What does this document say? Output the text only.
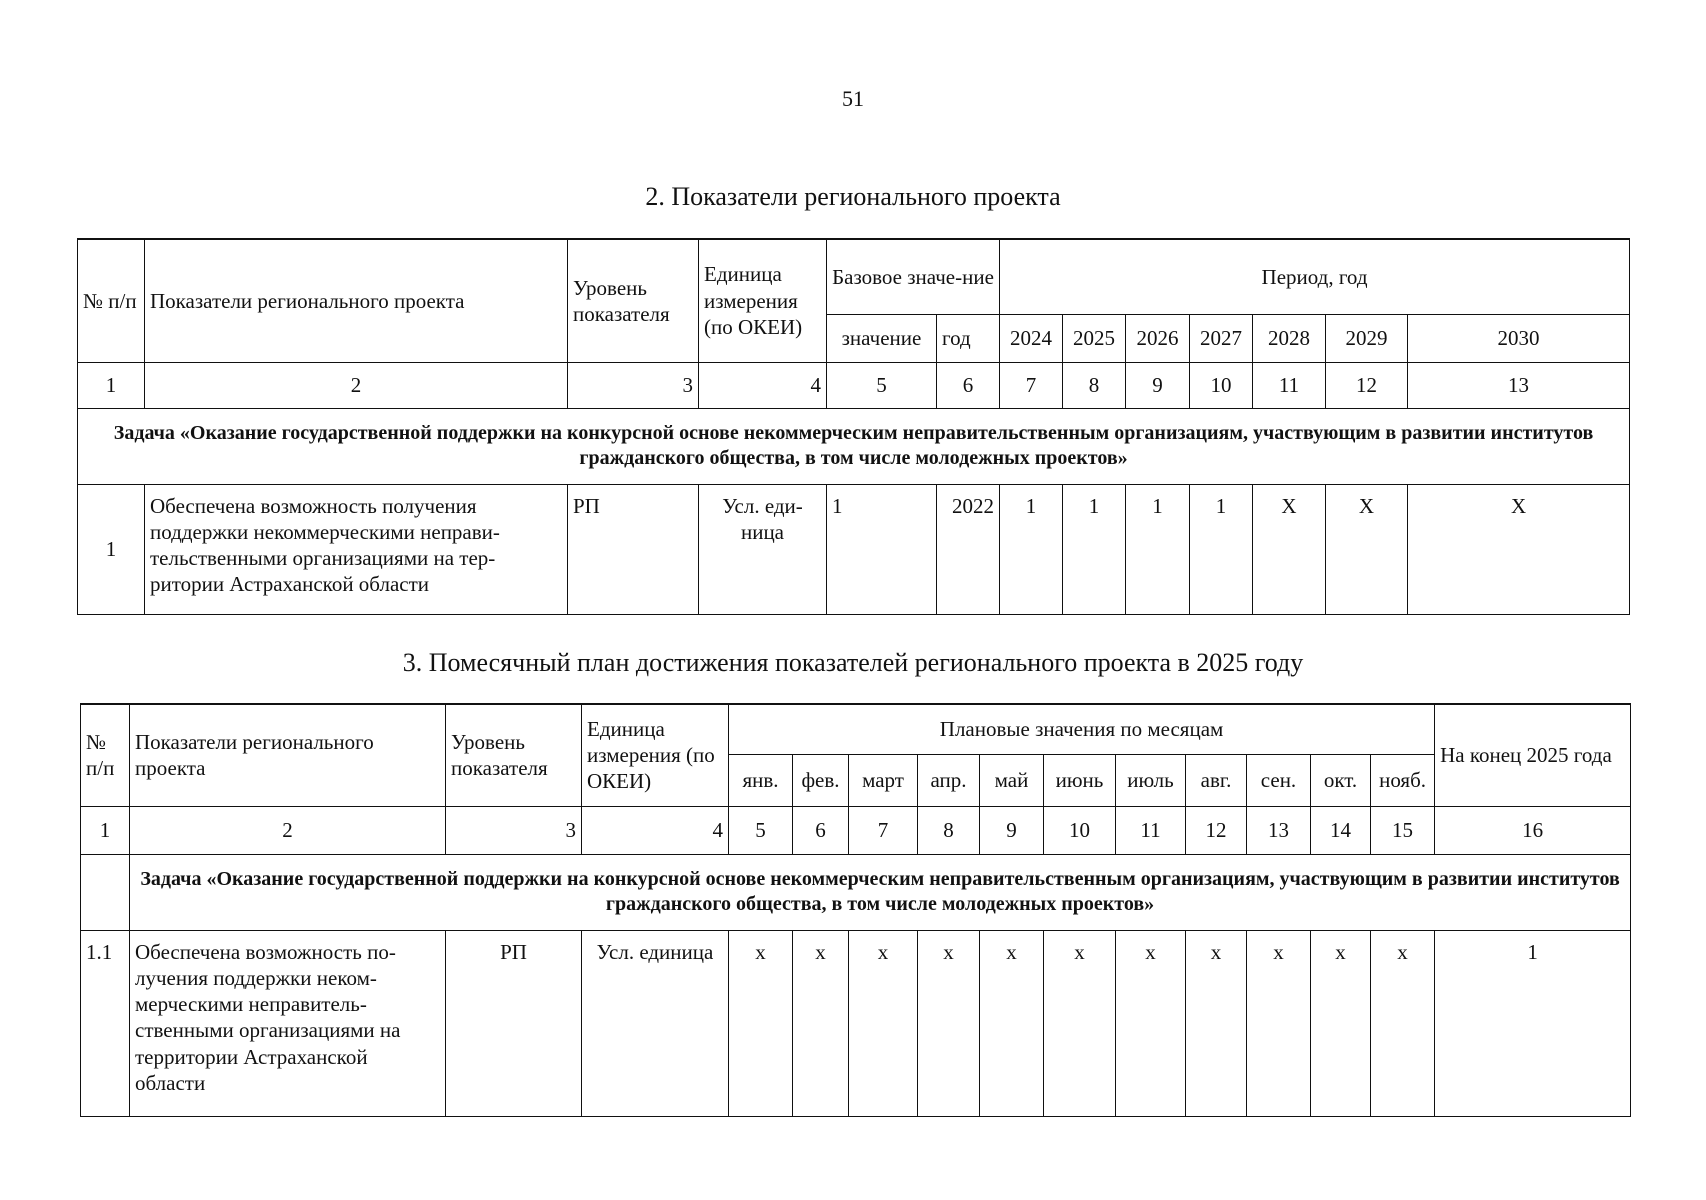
51
2. Показатели регионального проекта
№ п/п	Показатели регионального проекта	Уровень показателя	Единица измерения (по ОКЕИ)	Базовое значе-ние		Период, год						
				значение	год	2024	2025	2026	2027	2028	2029	2030
1	2	3	4	5	6	7	8	9	10	11	12	13
Задача «Оказание государственной поддержки на конкурсной основе некоммерческим неправительственным организациям, участвующим в развитии институтов гражданского общества, в том числе молодежных проектов»												
1	Обеспечена возможность получения поддержки некоммерческими неправи-тельственными организациями на тер-ритории Астраханской области	РП	Усл. еди-ница	1	2022	1	1	1	1	X	X	X
3. Помесячный план достижения показателей регионального проекта в 2025 году
№ п/п	Показатели регионального проекта	Уровень показателя	Единица измерения (по ОКЕИ)	Плановые значения по месяцам											На конец 2025 года
				янв.	фев.	март	апр.	май	июнь	июль	авг.	сен.	окт.	нояб.	
1	2	3	4	5	6	7	8	9	10	11	12	13	14	15	16
	Задача «Оказание государственной поддержки на конкурсной основе некоммерческим неправительственным организациям, участвующим в развитии институтов гражданского общества, в том числе молодежных проектов»														
1.1	Обеспечена возможность по-лучения поддержки неком-мерческими неправитель-ственными организациями на территории Астраханской области	РП	Усл. единица	х	х	х	х	х	х	х	х	х	х	х	1
